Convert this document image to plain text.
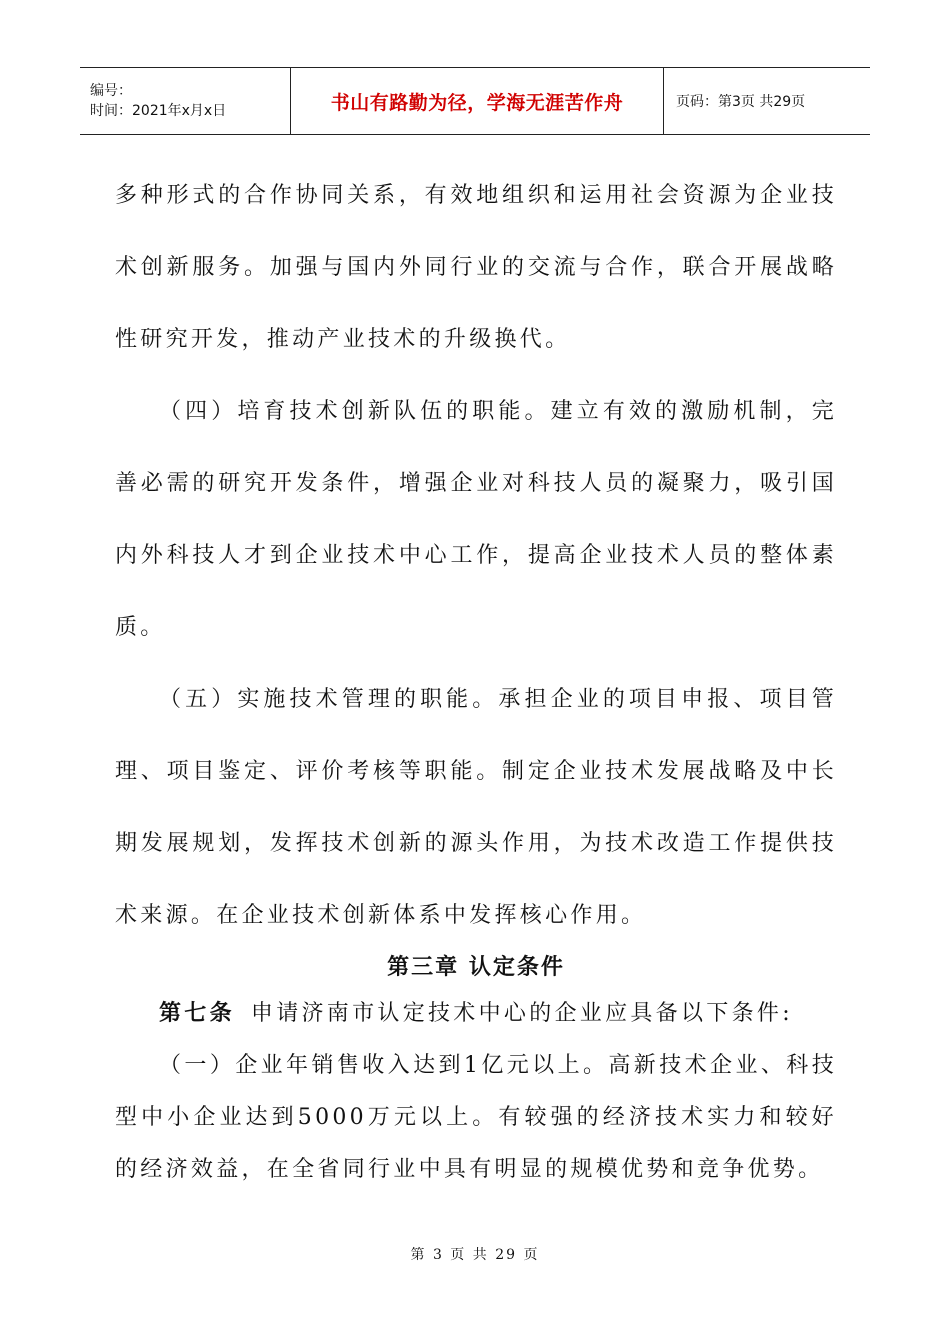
编号：
时间：2021年x月x日	书山有路勤为径，学海无涯苦作舟	页码：第3页 共29页

多种形式的合作协同关系，有效地组织和运用社会资源为企业技术创新服务。加强与国内外同行业的交流与合作，联合开展战略性研究开发，推动产业技术的升级换代。

（四）培育技术创新队伍的职能。建立有效的激励机制，完善必需的研究开发条件，增强企业对科技人员的凝聚力，吸引国内外科技人才到企业技术中心工作，提高企业技术人员的整体素质。

（五）实施技术管理的职能。承担企业的项目申报、项目管理、项目鉴定、评价考核等职能。制定企业技术发展战略及中长期发展规划，发挥技术创新的源头作用，为技术改造工作提供技术来源。在企业技术创新体系中发挥核心作用。

第三章 认定条件

第七条 申请济南市认定技术中心的企业应具备以下条件:

（一）企业年销售收入达到1亿元以上。高新技术企业、科技型中小企业达到5000万元以上。有较强的经济技术实力和较好的经济效益，在全省同行业中具有明显的规模优势和竞争优势。

第 3 页 共 29 页
